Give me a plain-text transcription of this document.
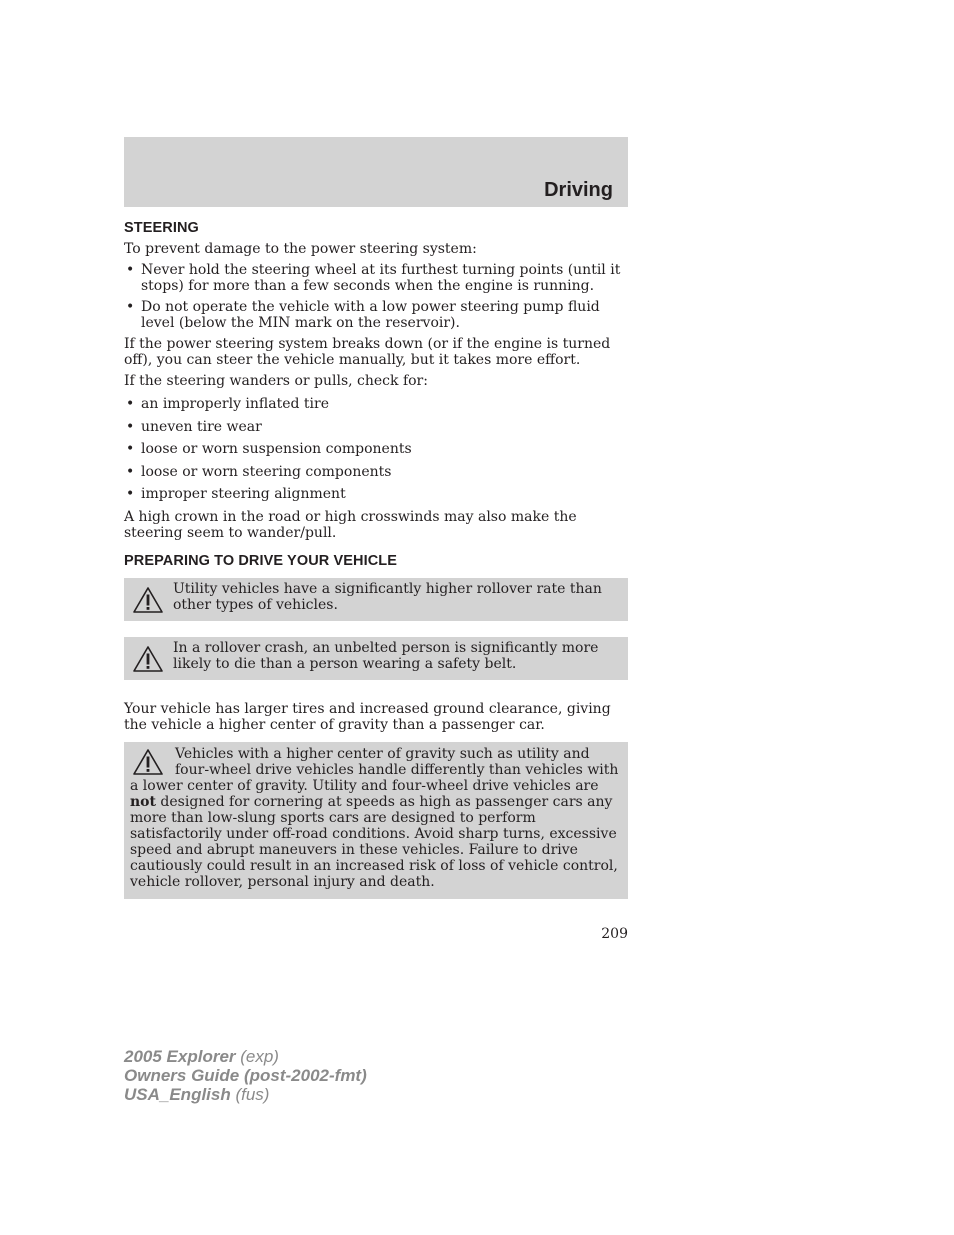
Driving
STEERING

To prevent damage to the power steering system:

• Never hold the steering wheel at its furthest turning points (until it stops) for more than a few seconds when the engine is running.
• Do not operate the vehicle with a low power steering pump fluid level (below the MIN mark on the reservoir).

If the power steering system breaks down (or if the engine is turned off), you can steer the vehicle manually, but it takes more effort.

If the steering wanders or pulls, check for:

• an improperly inflated tire
• uneven tire wear
• loose or worn suspension components
• loose or worn steering components
• improper steering alignment

A high crown in the road or high crosswinds may also make the steering seem to wander/pull.

PREPARING TO DRIVE YOUR VEHICLE
Utility vehicles have a significantly higher rollover rate than other types of vehicles.
In a rollover crash, an unbelted person is significantly more likely to die than a person wearing a safety belt.

Your vehicle has larger tires and increased ground clearance, giving the vehicle a higher center of gravity than a passenger car.

Vehicles with a higher center of gravity such as utility and four-wheel drive vehicles handle differently than vehicles with a lower center of gravity. Utility and four-wheel drive vehicles are not designed for cornering at speeds as high as passenger cars any more than low-slung sports cars are designed to perform satisfactorily under off-road conditions. Avoid sharp turns, excessive speed and abrupt maneuvers in these vehicles. Failure to drive cautiously could result in an increased risk of loss of vehicle control, vehicle rollover, personal injury and death.
209
2005 Explorer (exp)
Owners Guide (post-2002-fmt)
USA_English (fus)
